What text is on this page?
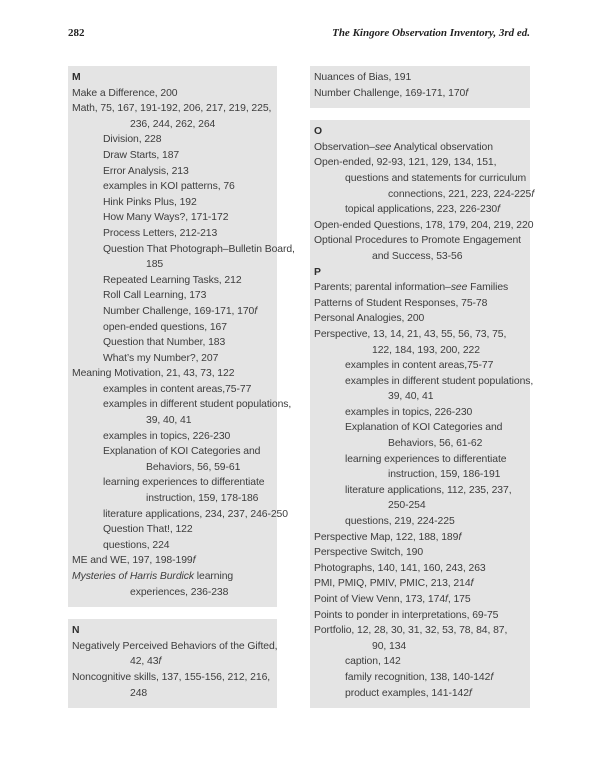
282	The Kingore Observation Inventory, 3rd ed.
M
Make a Difference, 200
Math, 75, 167, 191-192, 206, 217, 219, 225,
236, 244, 262, 264
Division, 228
Draw Starts, 187
Error Analysis, 213
examples in KOI patterns, 76
Hink Pinks Plus, 192
How Many Ways?, 171-172
Process Letters, 212-213
Question That Photograph–Bulletin Board,
185
Repeated Learning Tasks, 212
Roll Call Learning, 173
Number Challenge, 169-171, 170f
open-ended questions, 167
Question that Number, 183
What’s my Number?, 207
Meaning Motivation, 21, 43, 73, 122
examples in content areas,75-77
examples in different student populations,
39, 40, 41
examples in topics, 226-230
Explanation of KOI Categories and
Behaviors, 56, 59-61
learning experiences to differentiate
instruction, 159, 178-186
literature applications, 234, 237, 246-250
Question That!, 122
questions, 224
ME and WE, 197, 198-199f
Mysteries of Harris Burdick learning
experiences, 236-238
N
Negatively Perceived Behaviors of the Gifted,
42, 43f
Noncognitive skills, 137, 155-156, 212, 216,
248
Nuances of Bias, 191
Number Challenge, 169-171, 170f
O
Observation–see Analytical observation
Open-ended, 92-93, 121, 129, 134, 151,
questions and statements for curriculum
connections, 221, 223, 224-225f
topical applications, 223, 226-230f
Open-ended Questions, 178, 179, 204, 219, 220
Optional Procedures to Promote Engagement
and Success, 53-56
P
Parents; parental information–see Families
Patterns of Student Responses, 75-78
Personal Analogies, 200
Perspective, 13, 14, 21, 43, 55, 56, 73, 75,
122, 184, 193, 200, 222
examples in content areas,75-77
examples in different student populations,
39, 40, 41
examples in topics, 226-230
Explanation of KOI Categories and
Behaviors, 56, 61-62
learning experiences to differentiate
instruction, 159, 186-191
literature applications, 112, 235, 237,
250-254
questions, 219, 224-225
Perspective Map, 122, 188, 189f
Perspective Switch, 190
Photographs, 140, 141, 160, 243, 263
PMI, PMIQ, PMIV, PMIC, 213, 214f
Point of View Venn, 173, 174f, 175
Points to ponder in interpretations, 69-75
Portfolio, 12, 28, 30, 31, 32, 53, 78, 84, 87,
90, 134
caption, 142
family recognition, 138, 140-142f
product examples, 141-142f
